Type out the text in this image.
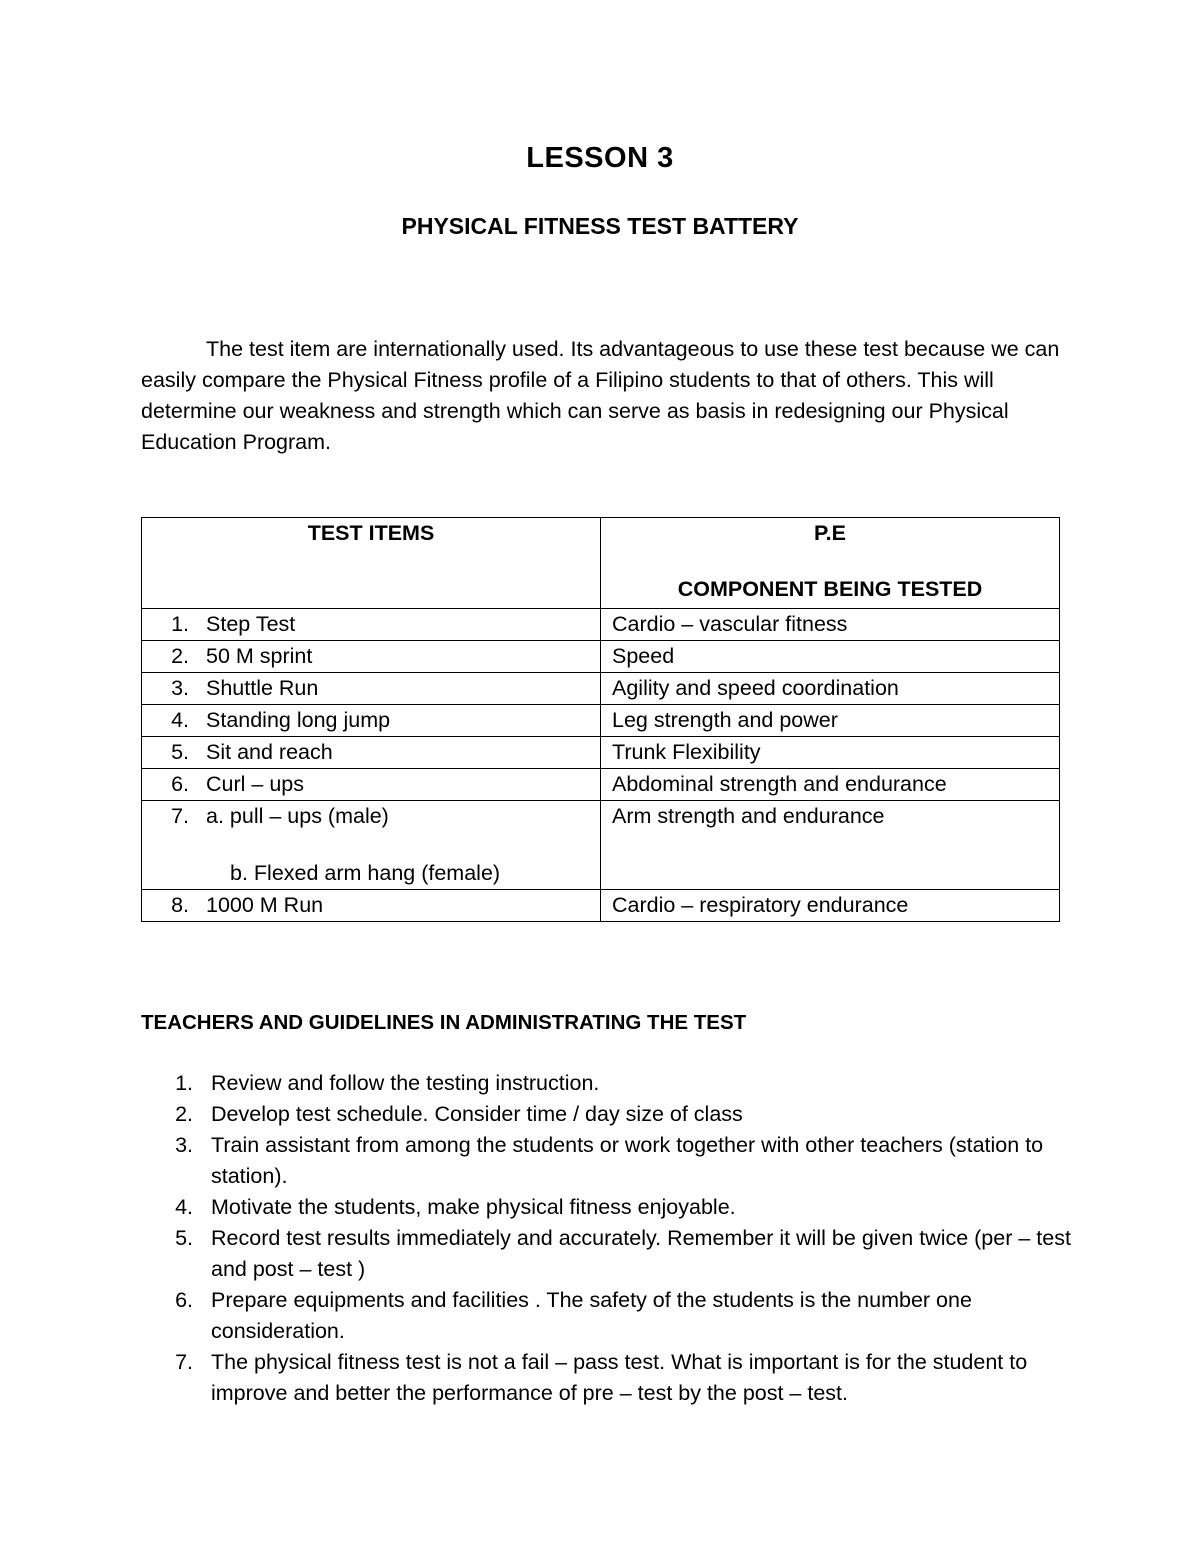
LESSON 3
PHYSICAL FITNESS TEST BATTERY

The test item are internationally used. Its advantageous to use these test because we can easily compare the Physical Fitness profile of a Filipino students to that of others. This will determine our weakness and strength which can serve as basis in redesigning our Physical Education Program.

TEST ITEMS	P.E
COMPONENT BEING TESTED

1. Step Test	Cardio – vascular fitness
2. 50 M sprint	Speed
3. Shuttle Run	Agility and speed coordination
4. Standing long jump	Leg strength and power
5. Sit and reach	Trunk Flexibility
6. Curl – ups	Abdominal strength and endurance
7. a. pull – ups (male)
b. Flexed arm hang (female)	Arm strength and endurance
8. 1000 M Run	Cardio – respiratory endurance
TEACHERS AND GUIDELINES IN ADMINISTRATING THE TEST
1. Review and follow the testing instruction.
2. Develop test schedule. Consider time / day size of class
3. Train assistant from among the students or work together with other teachers (station to station).
4. Motivate the students, make physical fitness enjoyable.
5. Record test results immediately and accurately. Remember it will be given twice (per – test and post – test )
6. Prepare equipments and facilities . The safety of the students is the number one consideration.
7. The physical fitness test is not a fail – pass test. What is important is for the student to improve and better the performance of pre – test by the post – test.
